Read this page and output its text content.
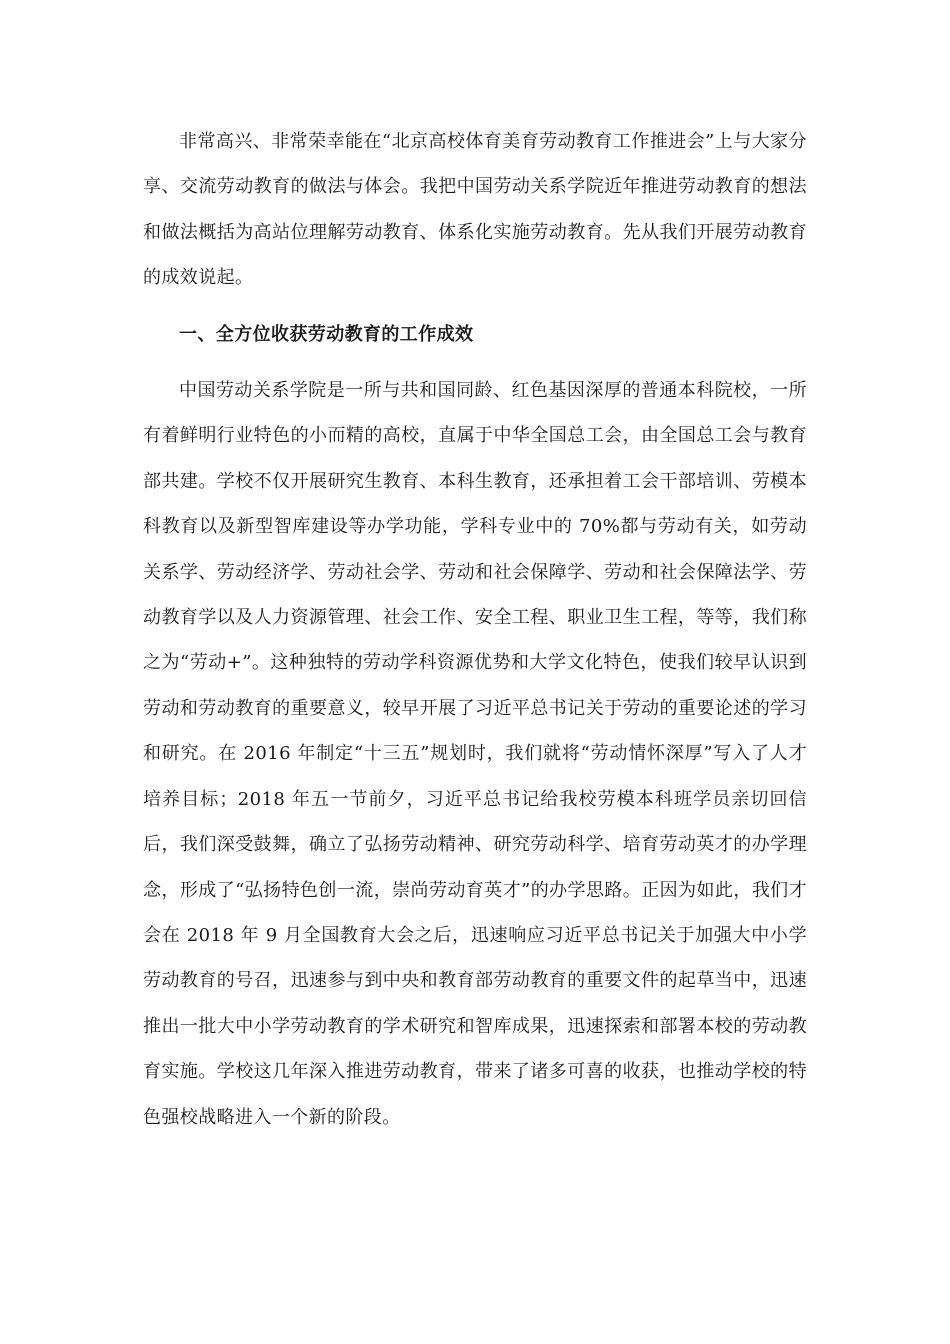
非常高兴、非常荣幸能在“北京高校体育美育劳动教育工作推进会”上与大家分享、交流劳动教育的做法与体会。我把中国劳动关系学院近年推进劳动教育的想法和做法概括为高站位理解劳动教育、体系化实施劳动教育。先从我们开展劳动教育的成效说起。

一、全方位收获劳动教育的工作成效

中国劳动关系学院是一所与共和国同龄、红色基因深厚的普通本科院校，一所有着鲜明行业特色的小而精的高校，直属于中华全国总工会，由全国总工会与教育部共建。学校不仅开展研究生教育、本科生教育，还承担着工会干部培训、劳模本科教育以及新型智库建设等办学功能，学科专业中的 70%都与劳动有关，如劳动关系学、劳动经济学、劳动社会学、劳动和社会保障学、劳动和社会保障法学、劳动教育学以及人力资源管理、社会工作、安全工程、职业卫生工程，等等，我们称之为“劳动+”。这种独特的劳动学科资源优势和大学文化特色，使我们较早认识到劳动和劳动教育的重要意义，较早开展了习近平总书记关于劳动的重要论述的学习和研究。在 2016 年制定“十三五”规划时，我们就将“劳动情怀深厚”写入了人才培养目标；2018 年五一节前夕，习近平总书记给我校劳模本科班学员亲切回信后，我们深受鼓舞，确立了弘扬劳动精神、研究劳动科学、培育劳动英才的办学理念，形成了“弘扬特色创一流，崇尚劳动育英才”的办学思路。正因为如此，我们才会在 2018 年 9 月全国教育大会之后，迅速响应习近平总书记关于加强大中小学劳动教育的号召，迅速参与到中央和教育部劳动教育的重要文件的起草当中，迅速推出一批大中小学劳动教育的学术研究和智库成果，迅速探索和部署本校的劳动教育实施。学校这几年深入推进劳动教育，带来了诸多可喜的收获，也推动学校的特色强校战略进入一个新的阶段。
